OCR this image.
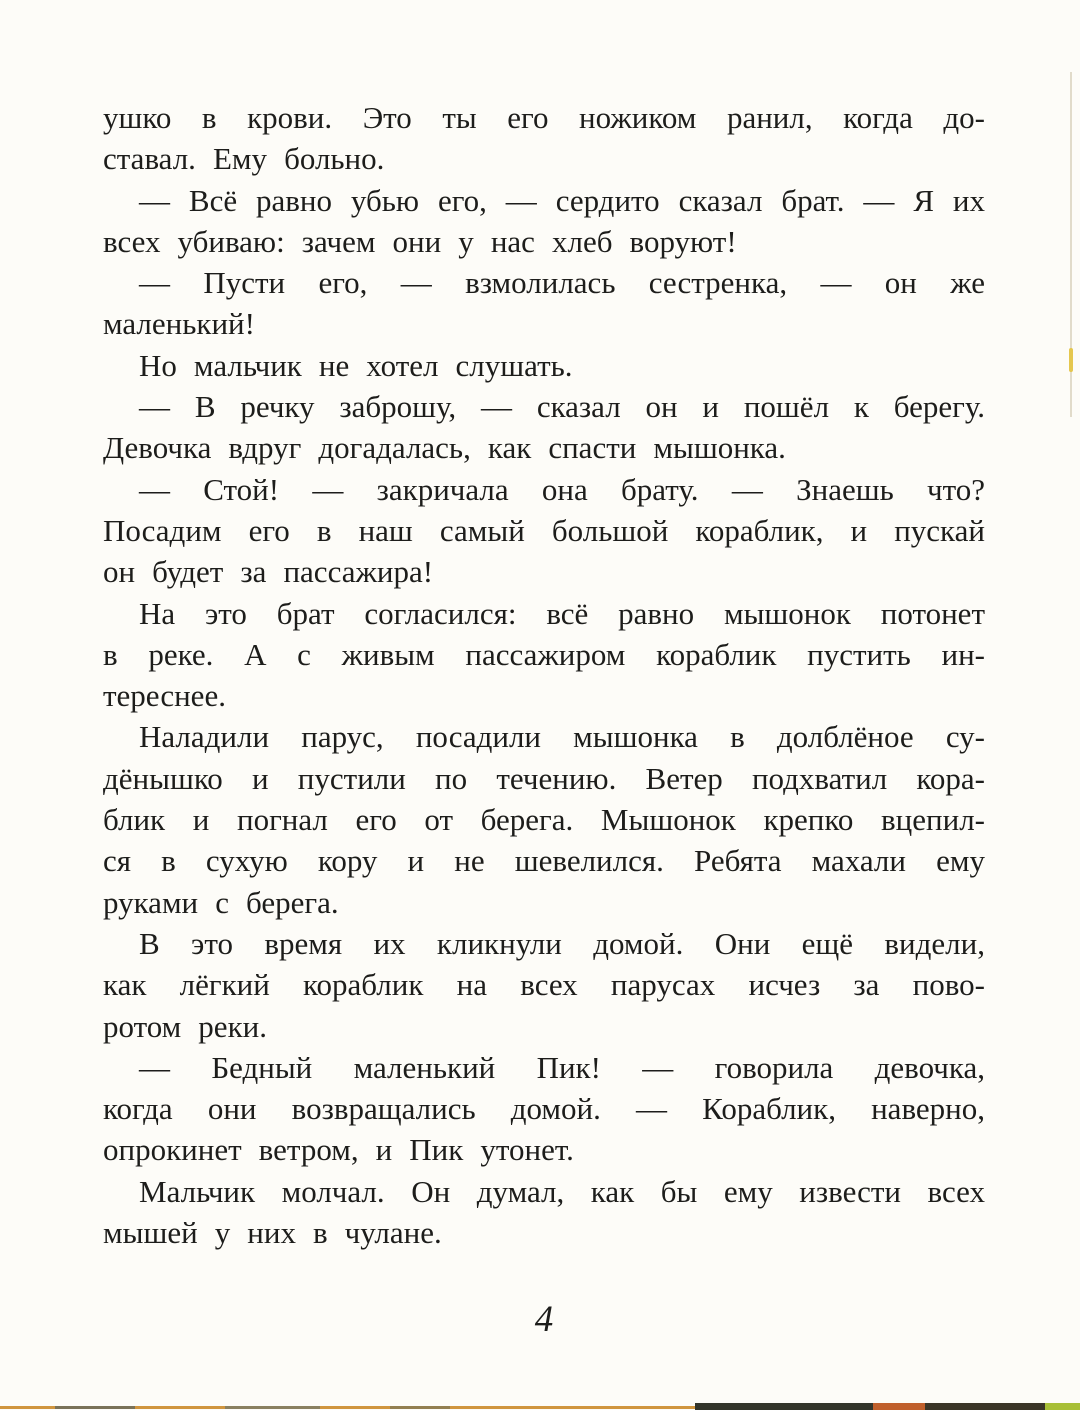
ушко в крови. Это ты его ножиком ранил, когда до-
ставал. Ему больно.
— Всё равно убью его, — сердито сказал брат. — Я их
всех убиваю: зачем они у нас хлеб воруют!
— Пусти его, — взмолилась сестренка, — он же
маленький!
Но мальчик не хотел слушать.
— В речку заброшу, — сказал он и пошёл к берегу.
Девочка вдруг догадалась, как спасти мышонка.
— Стой! — закричала она брату. — Знаешь что?
Посадим его в наш самый большой кораблик, и пускай
он будет за пассажира!
На это брат согласился: всё равно мышонок потонет
в реке. А с живым пассажиром кораблик пустить ин-
тереснее.
Наладили парус, посадили мышонка в долблёное су-
дёнышко и пустили по течению. Ветер подхватил кора-
блик и погнал его от берега. Мышонок крепко вцепил-
ся в сухую кору и не шевелился. Ребята махали ему
руками с берега.
В это время их кликнули домой. Они ещё видели,
как лёгкий кораблик на всех парусах исчез за пово-
ротом реки.
— Бедный маленький Пик! — говорила девочка,
когда они возвращались домой. — Кораблик, наверно,
опрокинет ветром, и Пик утонет.
Мальчик молчал. Он думал, как бы ему извести всех
мышей у них в чулане.
4
